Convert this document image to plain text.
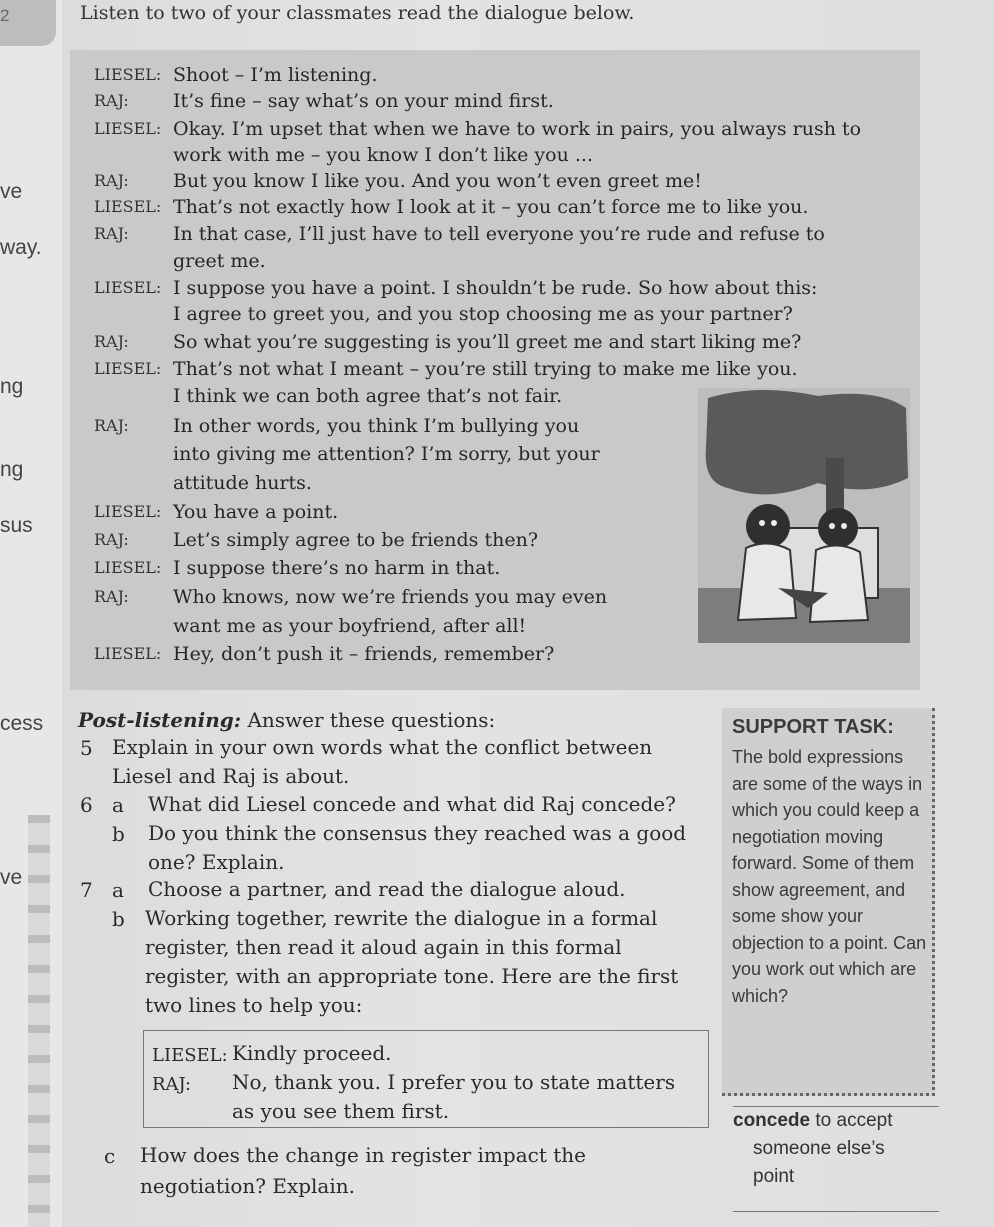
2
ve
way.
ng
ng
sus
cess
ve
Listen to two of your classmates read the dialogue below.
LIESEL: Shoot – I’m listening.
RAJ: It’s fine – say what’s on your mind first.
LIESEL: Okay. I’m upset that when we have to work in pairs, you always rush to
work with me – you know I don’t like you ...
RAJ: But you know I like you. And you won’t even greet me!
LIESEL: That’s not exactly how I look at it – you can’t force me to like you.
RAJ: In that case, I’ll just have to tell everyone you’re rude and refuse to
greet me.
LIESEL: I suppose you have a point. I shouldn’t be rude. So how about this:
I agree to greet you, and you stop choosing me as your partner?
RAJ: So what you’re suggesting is you’ll greet me and start liking me?
LIESEL: That’s not what I meant – you’re still trying to make me like you.
I think we can both agree that’s not fair.
RAJ: In other words, you think I’m bullying you
into giving me attention? I’m sorry, but your
attitude hurts.
LIESEL: You have a point.
RAJ: Let’s simply agree to be friends then?
LIESEL: I suppose there’s no harm in that.
RAJ: Who knows, now we’re friends you may even
want me as your boyfriend, after all!
LIESEL: Hey, don’t push it – friends, remember?
Post-listening: Answer these questions:
5 Explain in your own words what the conflict between
Liesel and Raj is about.
6 a What did Liesel concede and what did Raj concede?
b Do you think the consensus they reached was a good
one? Explain.
7 a Choose a partner, and read the dialogue aloud.
b Working together, rewrite the dialogue in a formal
register, then read it aloud again in this formal
register, with an appropriate tone. Here are the first
two lines to help you:
LIESEL: Kindly proceed.
RAJ: No, thank you. I prefer you to state matters
as you see them first.
c How does the change in register impact the
negotiation? Explain.
SUPPORT TASK:
The bold expressions are some of the ways in which you could keep a negotiation moving forward. Some of them show agreement, and some show your objection to a point. Can you work out which are which?
concede to accept
someone else’s
point
